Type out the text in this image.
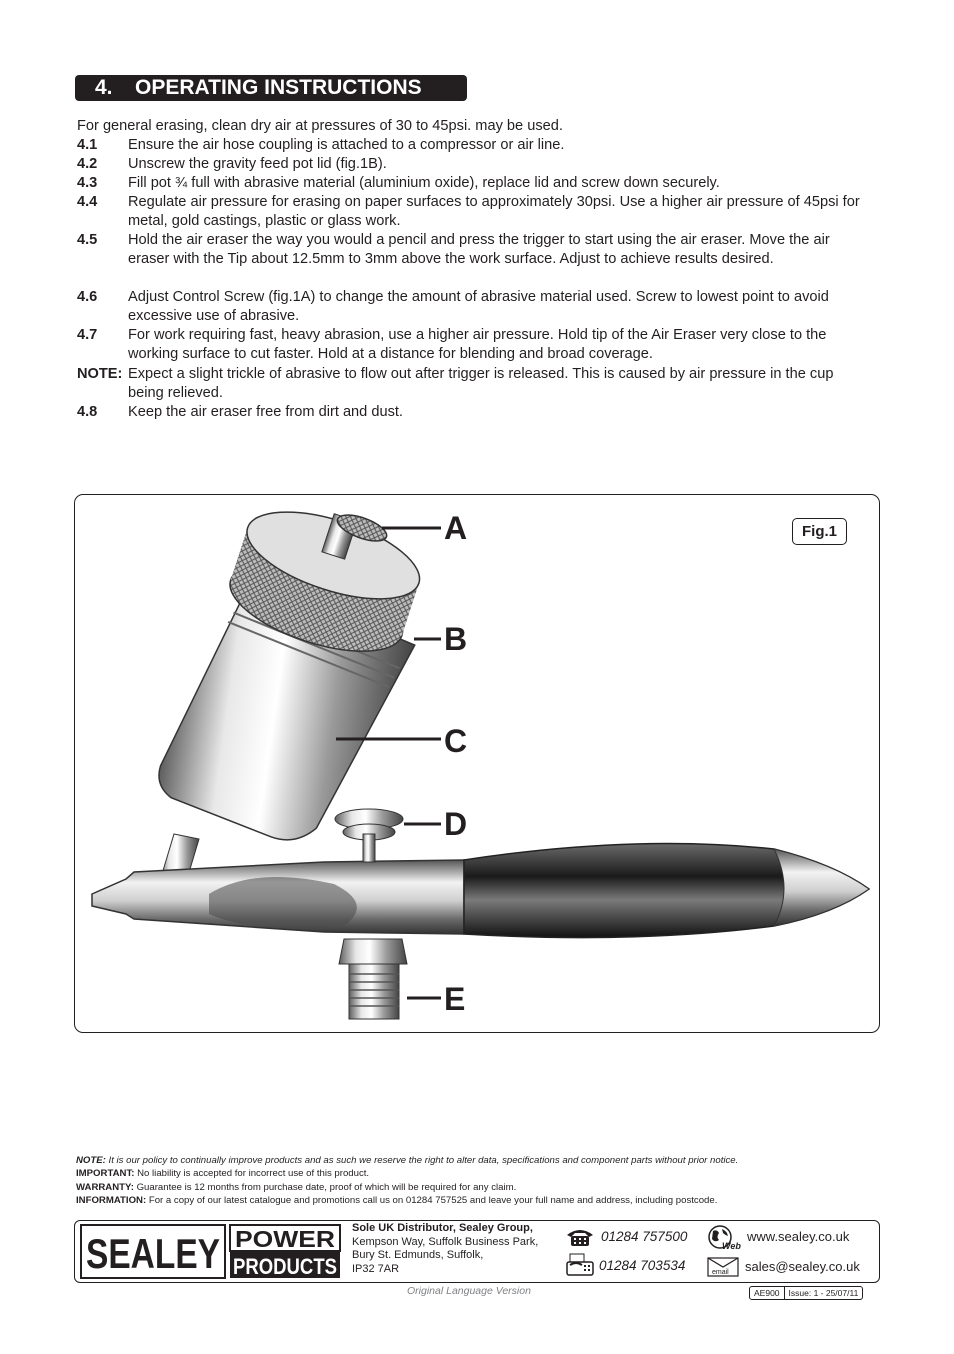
4. OPERATING INSTRUCTIONS
For general erasing, clean dry air at pressures of 30 to 45psi. may be used.
4.1 Ensure the air hose coupling is attached to a compressor or air line.
4.2 Unscrew the gravity feed pot lid (fig.1B).
4.3 Fill pot ¾ full with abrasive material (aluminium oxide), replace lid and screw down securely.
4.4 Regulate air pressure for erasing on paper surfaces to approximately 30psi. Use a higher air pressure of 45psi for metal, gold castings, plastic or glass work.
4.5 Hold the air eraser the way you would a pencil and press the trigger to start using the air eraser. Move the air eraser with the Tip about 12.5mm to 3mm above the work surface. Adjust to achieve results desired.
4.6 Adjust Control Screw (fig.1A) to change the amount of abrasive material used. Screw to lowest point to avoid excessive use of abrasive.
4.7 For work requiring fast, heavy abrasion, use a higher air pressure. Hold tip of the Air Eraser very close to the working surface to cut faster. Hold at a distance for blending and broad coverage.
NOTE: Expect a slight trickle of abrasive to flow out after trigger is released. This is caused by air pressure in the cup being relieved.
4.8 Keep the air eraser free from dirt and dust.
Fig.1
A
B
C
D
E
NOTE: It is our policy to continually improve products and as such we reserve the right to alter data, specifications and component parts without prior notice.
IMPORTANT: No liability is accepted for incorrect use of this product.
WARRANTY: Guarantee is 12 months from purchase date, proof of which will be required for any claim.
INFORMATION: For a copy of our latest catalogue and promotions call us on 01284 757525 and leave your full name and address, including postcode.
SEALEY POWER
PRODUCTS
Sole UK Distributor, Sealey Group,
Kempson Way, Suffolk Business Park,
Bury St. Edmunds, Suffolk,
IP32 7AR
01284 757500
01284 703534
Web
www.sealey.co.uk
email sales@sealey.co.uk
Original Language Version	AE900	Issue: 1 - 25/07/11
